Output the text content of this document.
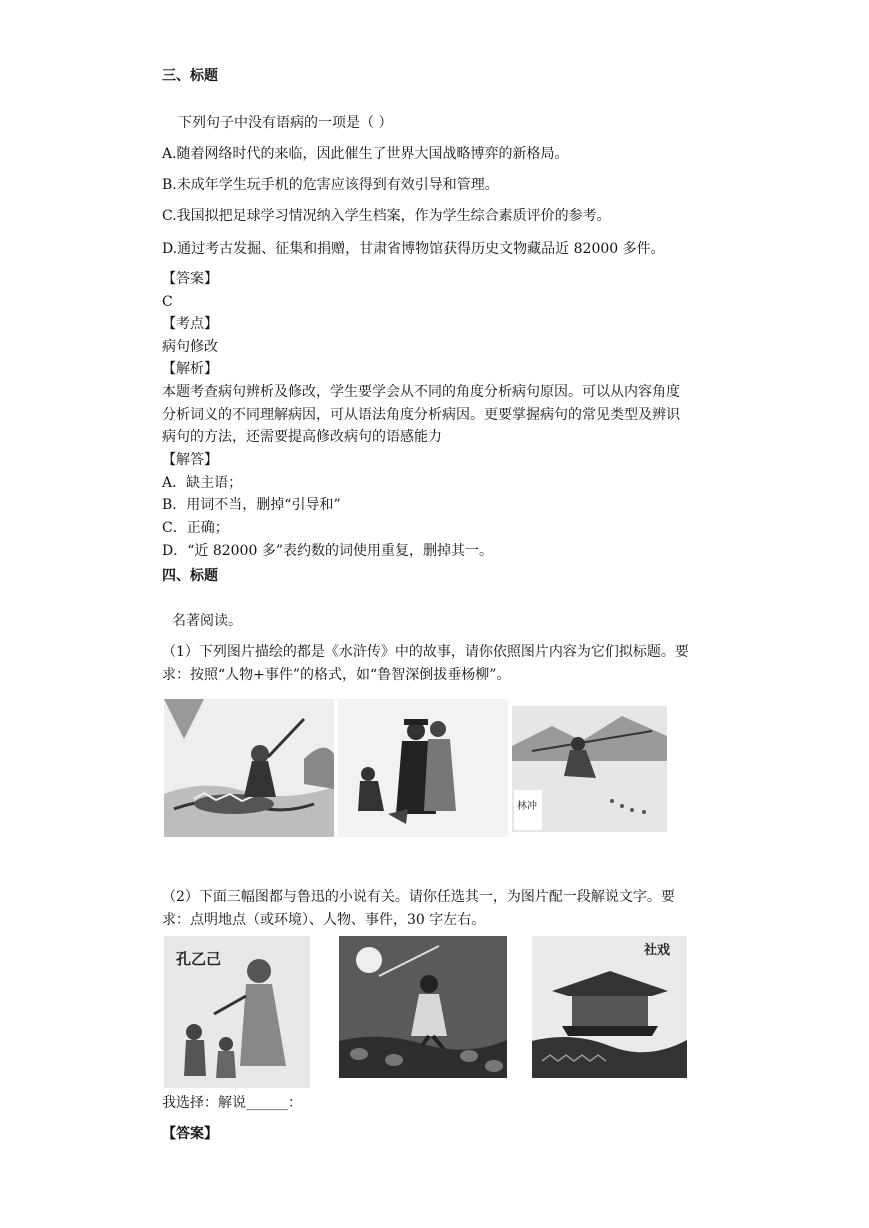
三、标题
下列句子中没有语病的一项是（ ）
A.随着网络时代的来临，因此催生了世界大国战略博弈的新格局。
B.未成年学生玩手机的危害应该得到有效引导和管理。
C.我国拟把足球学习情况纳入学生档案，作为学生综合素质评价的参考。
D.通过考古发掘、征集和捐赠，甘肃省博物馆获得历史文物藏品近 82000 多件。
【答案】
C
【考点】
病句修改
【解析】
本题考查病句辨析及修改，学生要学会从不同的角度分析病句原因。可以从内容角度
分析词义的不同理解病因，可从语法角度分析病因。更要掌握病句的常见类型及辨识
病句的方法，还需要提高修改病句的语感能力
【解答】
A．缺主语；
B．用词不当，删掉“引导和”
C．正确；
D．“近 82000 多”表约数的词使用重复，删掉其一。
四、标题
名著阅读。
（1）下列图片描绘的都是《水浒传》中的故事，请你依照图片内容为它们拟标题。要
求：按照“人物+事件”的格式，如“鲁智深倒拔垂杨柳”。
林冲
（2）下面三幅图都与鲁迅的小说有关。请你任选其一，为图片配一段解说文字。要
求：点明地点（或环境）、人物、事件，30 字左右。
孔乙己	社戏
我选择：解说______：
【答案】
